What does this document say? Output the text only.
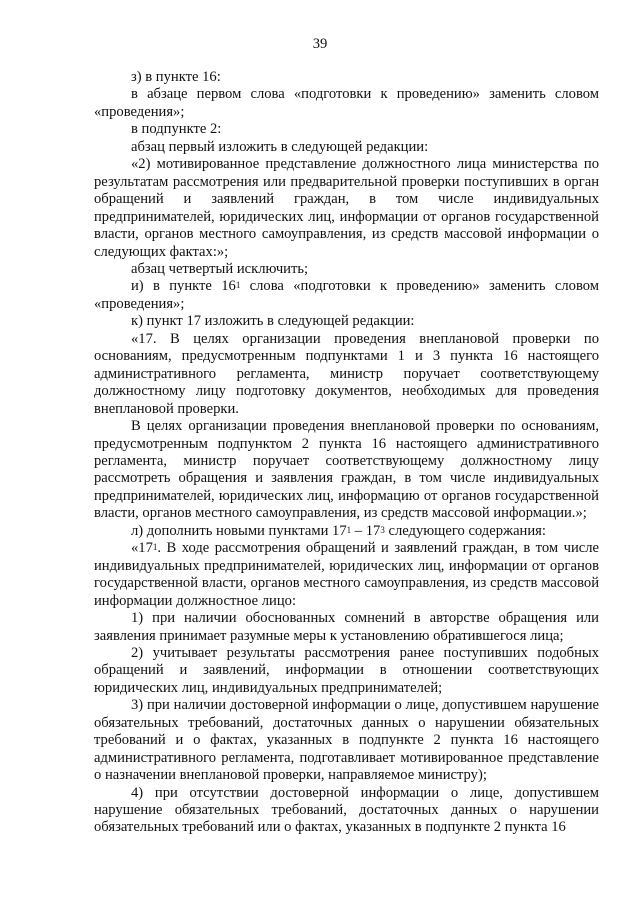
39

з) в пункте 16:

в абзаце первом слова «подготовки к проведению» заменить словом «проведения»;

в подпункте 2:

абзац первый изложить в следующей редакции:

«2) мотивированное представление должностного лица министерства по результатам рассмотрения или предварительной проверки поступивших в орган обращений и заявлений граждан, в том числе индивидуальных предпринимателей, юридических лиц, информации от органов государственной власти, органов местного самоуправления, из средств массовой информации о следующих фактах:»;

абзац четвертый исключить;

и) в пункте $16^1$ слова «подготовки к проведению» заменить словом «проведения»;

к) пункт 17 изложить в следующей редакции:

«17. В целях организации проведения внеплановой проверки по основаниям, предусмотренным подпунктами 1 и 3 пункта 16 настоящего административного регламента, министр поручает соответствующему должностному лицу подготовку документов, необходимых для проведения внеплановой проверки.

В целях организации проведения внеплановой проверки по основаниям, предусмотренным подпунктом 2 пункта 16 настоящего административного регламента, министр поручает соответствующему должностному лицу рассмотреть обращения и заявления граждан, в том числе индивидуальных предпринимателей, юридических лиц, информацию от органов государственной власти, органов местного самоуправления, из средств массовой информации.»;

л) дополнить новыми пунктами $17^1 - 17^3$ следующего содержания:

«$17^1$. В ходе рассмотрения обращений и заявлений граждан, в том числе индивидуальных предпринимателей, юридических лиц, информации от органов государственной власти, органов местного самоуправления, из средств массовой информации должностное лицо:

1) при наличии обоснованных сомнений в авторстве обращения или заявления принимает разумные меры к установлению обратившегося лица;

2) учитывает результаты рассмотрения ранее поступивших подобных обращений и заявлений, информации в отношении соответствующих юридических лиц, индивидуальных предпринимателей;

3) при наличии достоверной информации о лице, допустившем нарушение обязательных требований, достаточных данных о нарушении обязательных требований и о фактах, указанных в подпункте 2 пункта 16 настоящего административного регламента, подготавливает мотивированное представление о назначении внеплановой проверки, направляемое министру);

4) при отсутствии достоверной информации о лице, допустившем нарушение обязательных требований, достаточных данных о нарушении обязательных требований или о фактах, указанных в подпункте 2 пункта 16
